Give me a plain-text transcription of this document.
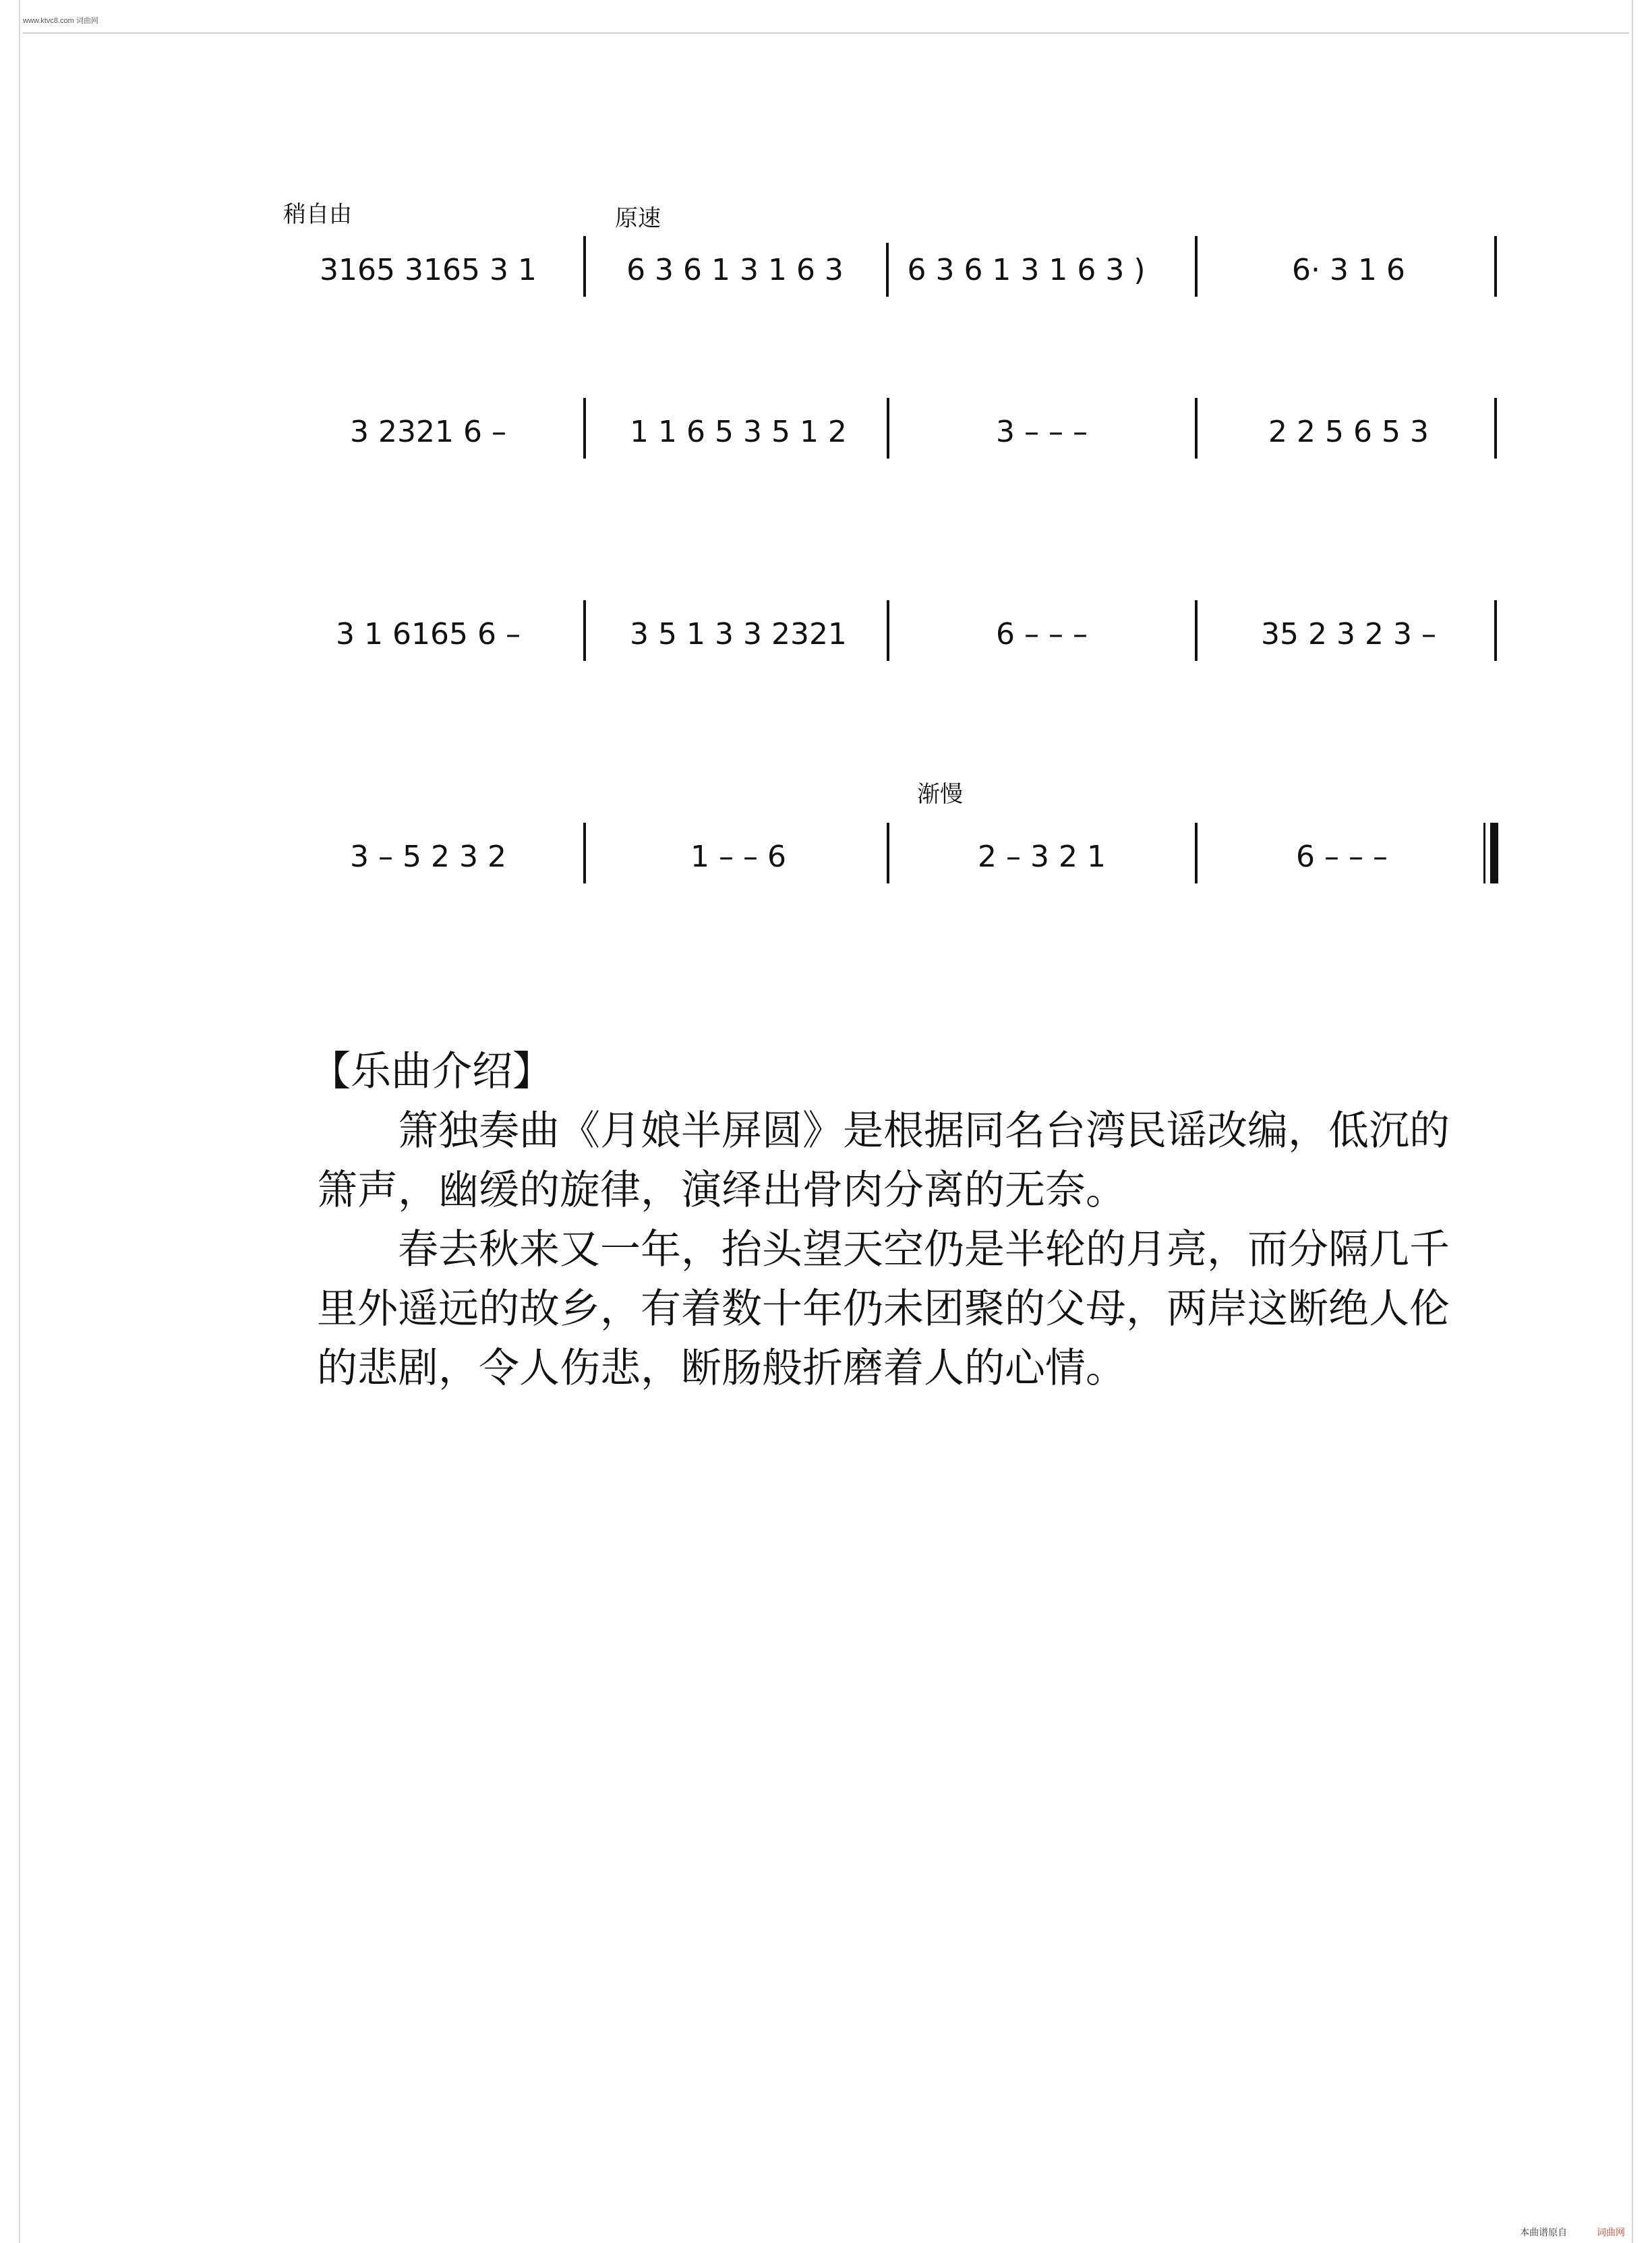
www.ktvc8.com 词曲网
稍自由	原速
渐慢
3165 3165 3 1	6 3 6 1 3 1 6 3	6 3 6 1 3 1 6 3 )	6· 3 1 6
3 2321 6 –	1 1 6 5 3 5 1 2	3 – – –	2 2 5 6 5 3
3 1 6165 6 –	3 5 1 3 3 2321	6 – – –	35 2 3 2 3 –
3 – 5 2 3 2	1 – – 6	2 – 3 2 1	6 – – –
【乐曲介绍】

箫独奏曲《月娘半屏圆》是根据同名台湾民谣改编，低沉的箫声，幽缓的旋律，演绎出骨肉分离的无奈。

春去秋来又一年，抬头望天空仍是半轮的月亮，而分隔几千里外遥远的故乡，有着数十年仍未团聚的父母，两岸这断绝人伦的悲剧，令人伤悲，断肠般折磨着人的心情。

本曲谱原自	词曲网
